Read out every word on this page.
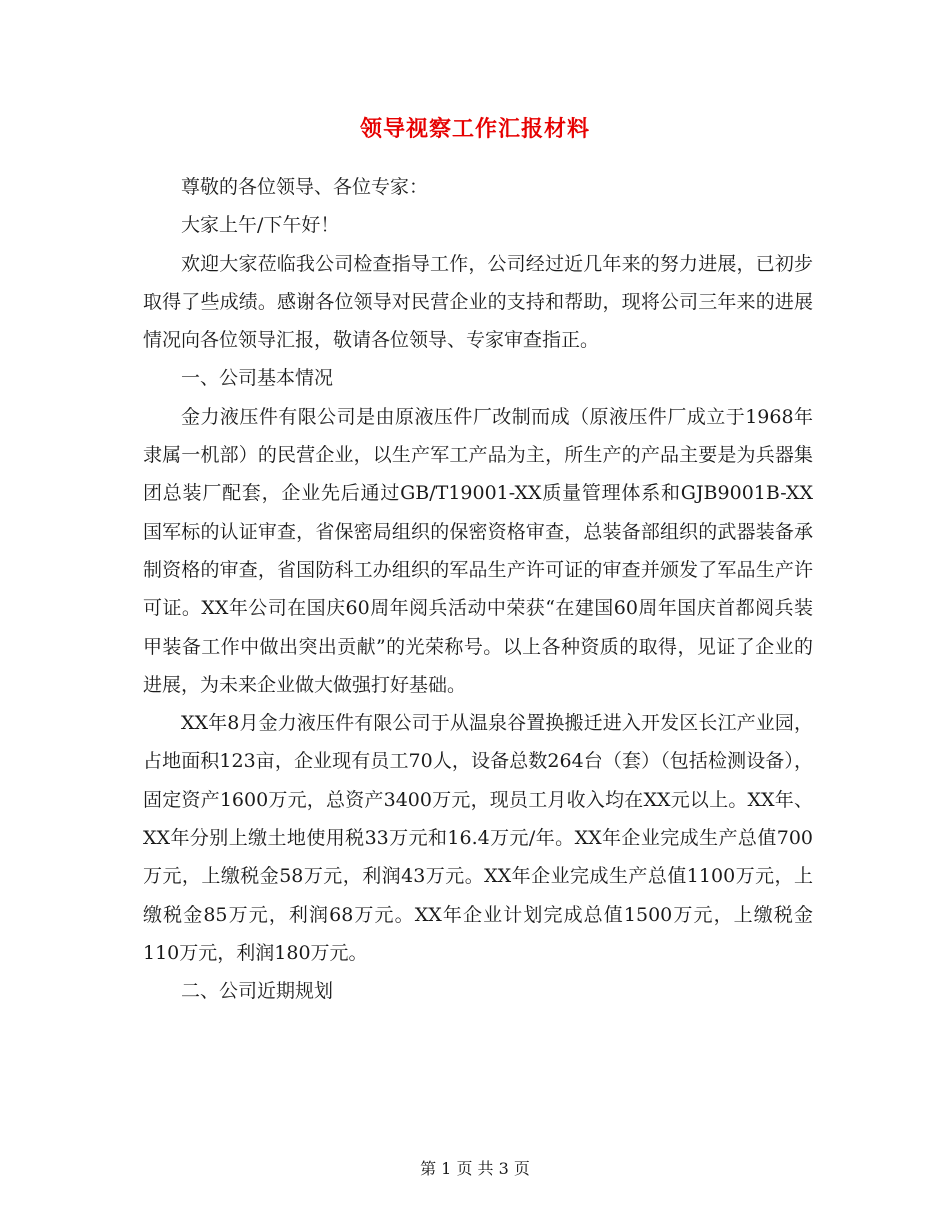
领导视察工作汇报材料

尊敬的各位领导、各位专家：

大家上午/下午好！

欢迎大家莅临我公司检查指导工作，公司经过近几年来的努力进展，已初步取得了些成绩。感谢各位领导对民营企业的支持和帮助，现将公司三年来的进展情况向各位领导汇报，敬请各位领导、专家审查指正。

一、公司基本情况

金力液压件有限公司是由原液压件厂改制而成（原液压件厂成立于1968年隶属一机部）的民营企业，以生产军工产品为主，所生产的产品主要是为兵器集团总装厂配套，企业先后通过GB/T19001-XX质量管理体系和GJB9001B-XX国军标的认证审查，省保密局组织的保密资格审查，总装备部组织的武器装备承制资格的审查，省国防科工办组织的军品生产许可证的审查并颁发了军品生产许可证。XX年公司在国庆60周年阅兵活动中荣获“在建国60周年国庆首都阅兵装甲装备工作中做出突出贡献”的光荣称号。以上各种资质的取得，见证了企业的进展，为未来企业做大做强打好基础。

XX年8月金力液压件有限公司于从温泉谷置换搬迁进入开发区长江产业园，占地面积123亩，企业现有员工70人，设备总数264台（套）（包括检测设备），固定资产1600万元，总资产3400万元，现员工月收入均在XX元以上。XX年、XX年分别上缴土地使用税33万元和16.4万元/年。XX年企业完成生产总值700万元，上缴税金58万元，利润43万元。XX年企业完成生产总值1100万元，上缴税金85万元，利润68万元。XX年企业计划完成总值1500万元，上缴税金110万元，利润180万元。

二、公司近期规划

第 1 页 共 3 页
